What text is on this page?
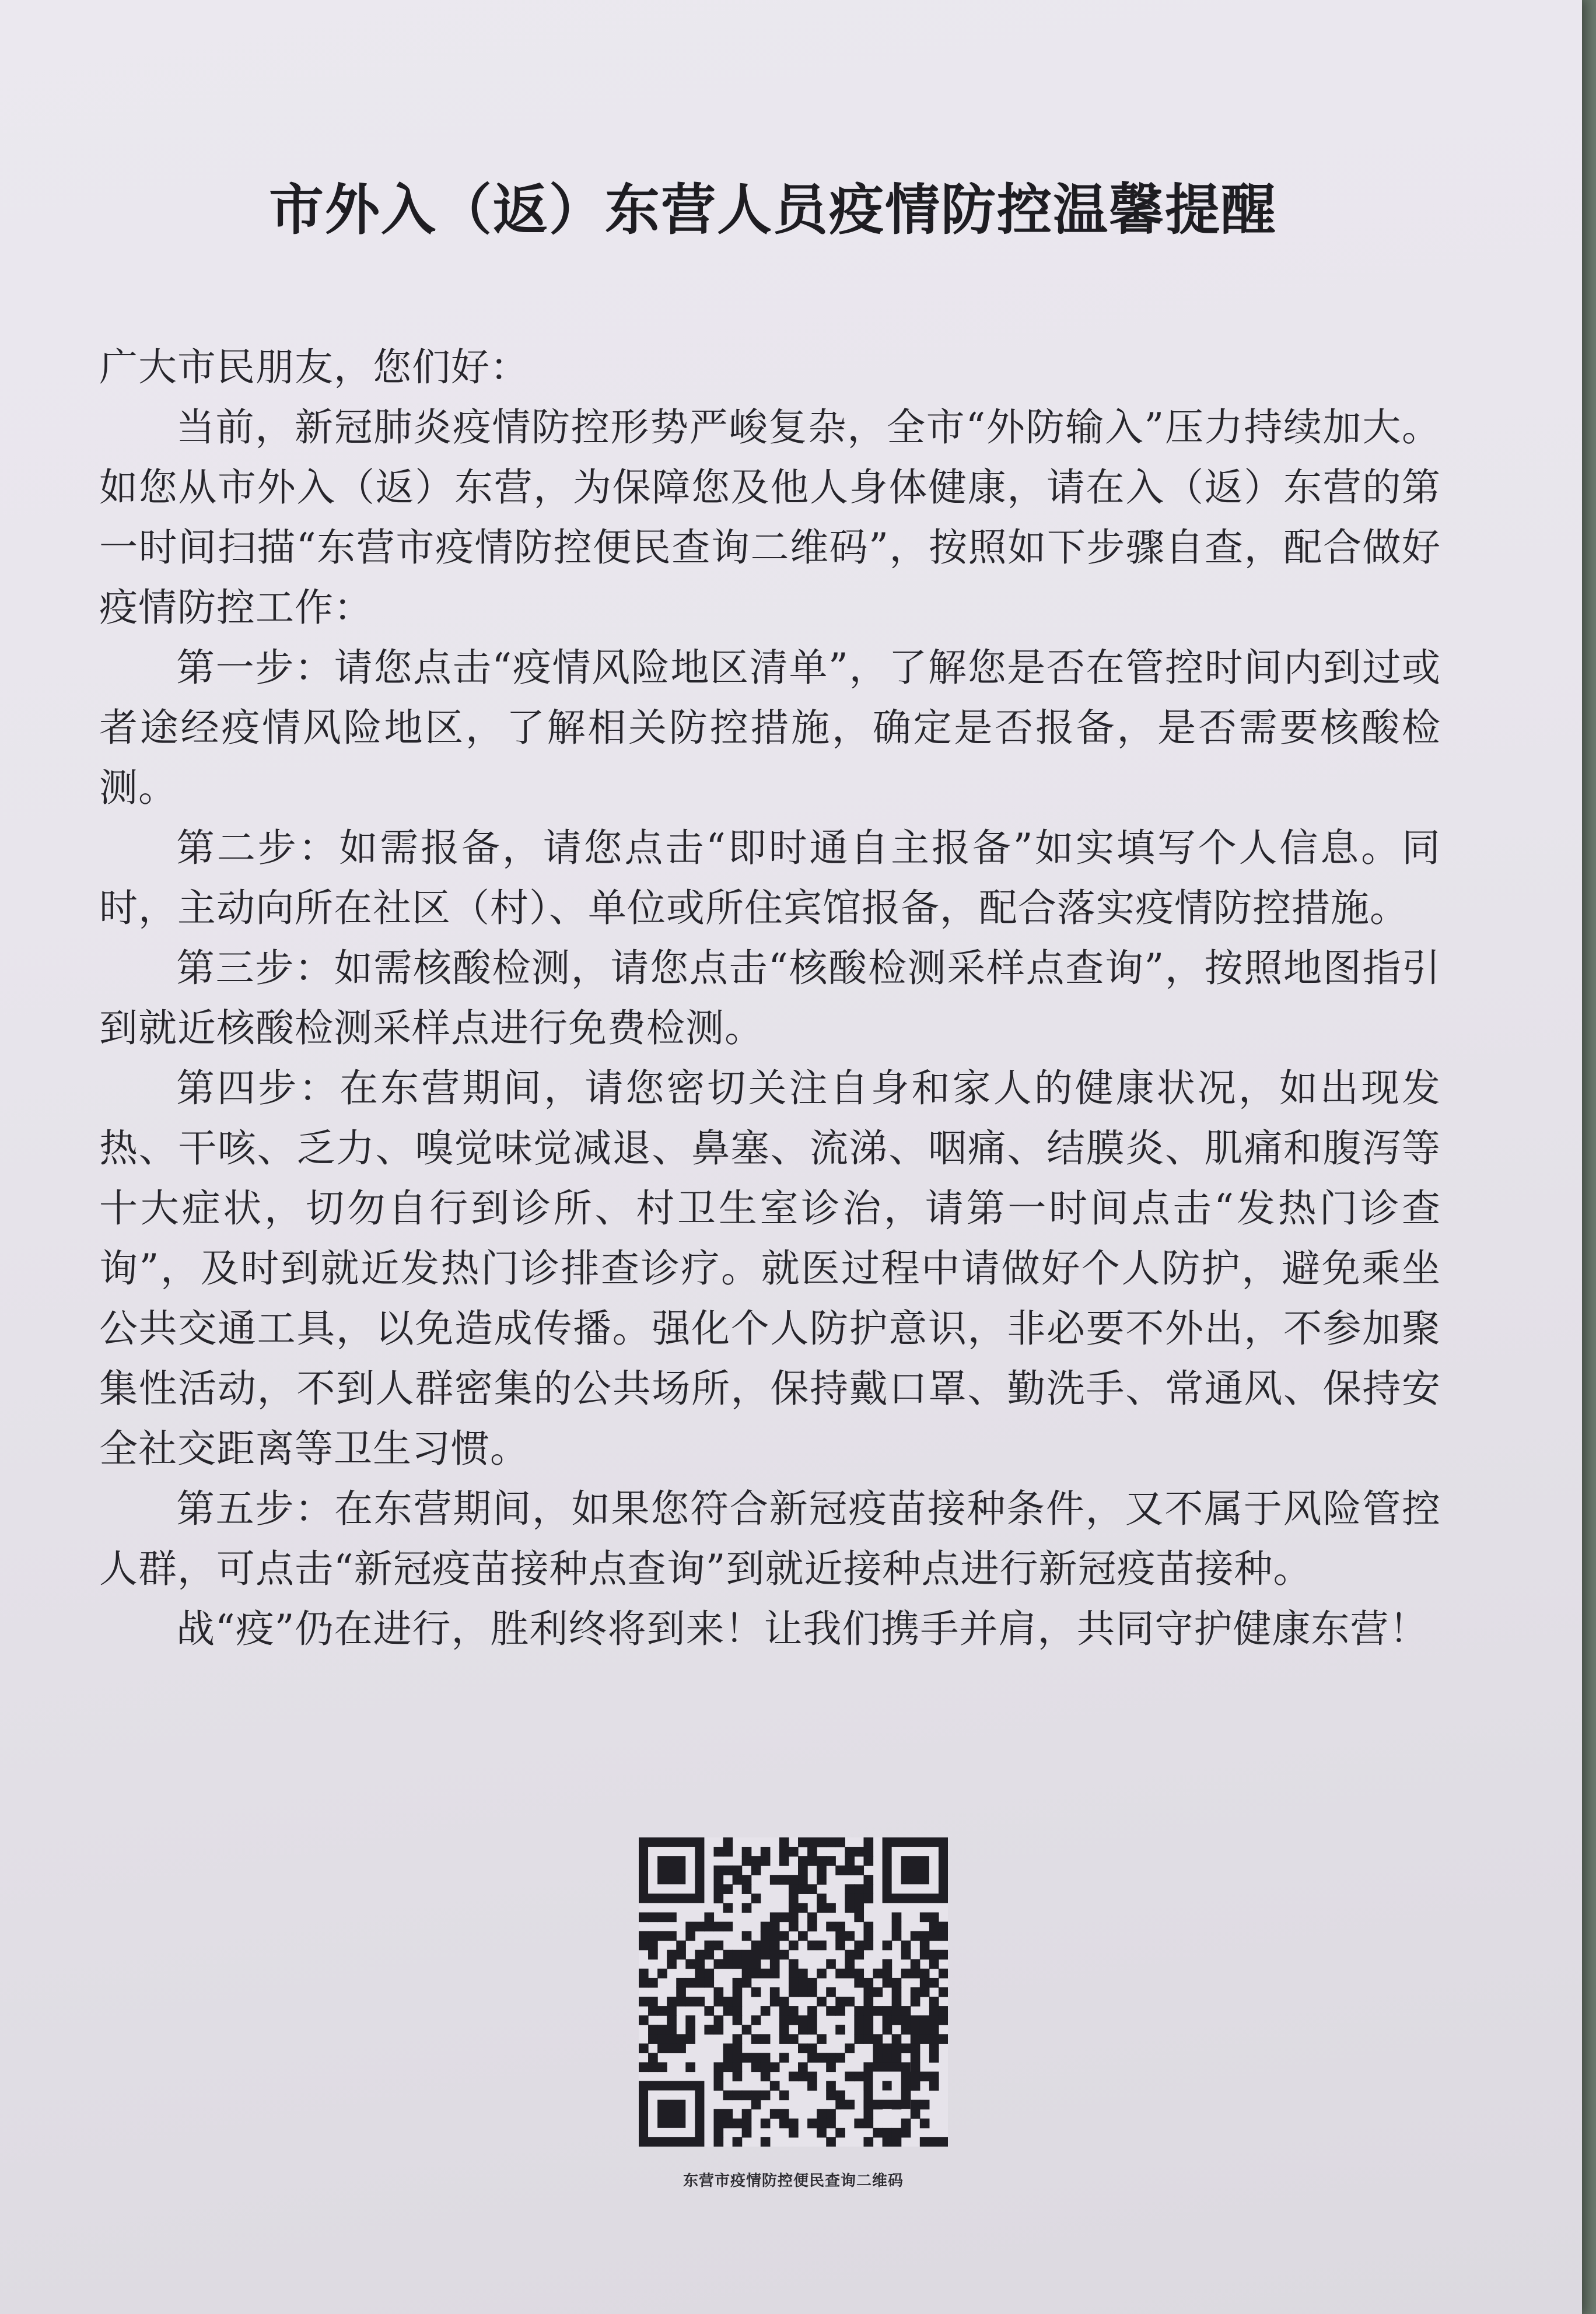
市外入（返）东营人员疫情防控温馨提醒

广大市民朋友，您们好：

当前，新冠肺炎疫情防控形势严峻复杂，全市“外防输入”压力持续加大。如您从市外入（返）东营，为保障您及他人身体健康，请在入（返）东营的第一时间扫描“东营市疫情防控便民查询二维码”，按照如下步骤自查，配合做好疫情防控工作：

第一步：请您点击“疫情风险地区清单”，了解您是否在管控时间内到过或者途经疫情风险地区，了解相关防控措施，确定是否报备，是否需要核酸检测。

第二步：如需报备，请您点击“即时通自主报备”如实填写个人信息。同时，主动向所在社区（村）、单位或所住宾馆报备，配合落实疫情防控措施。

第三步：如需核酸检测，请您点击“核酸检测采样点查询”，按照地图指引到就近核酸检测采样点进行免费检测。

第四步：在东营期间，请您密切关注自身和家人的健康状况，如出现发热、干咳、乏力、嗅觉味觉减退、鼻塞、流涕、咽痛、结膜炎、肌痛和腹泻等十大症状，切勿自行到诊所、村卫生室诊治，请第一时间点击“发热门诊查询”，及时到就近发热门诊排查诊疗。就医过程中请做好个人防护，避免乘坐公共交通工具，以免造成传播。强化个人防护意识，非必要不外出，不参加聚集性活动，不到人群密集的公共场所，保持戴口罩、勤洗手、常通风、保持安全社交距离等卫生习惯。

第五步：在东营期间，如果您符合新冠疫苗接种条件，又不属于风险管控人群，可点击“新冠疫苗接种点查询”到就近接种点进行新冠疫苗接种。

战“疫”仍在进行，胜利终将到来！让我们携手并肩，共同守护健康东营！

东营市疫情防控便民查询二维码
